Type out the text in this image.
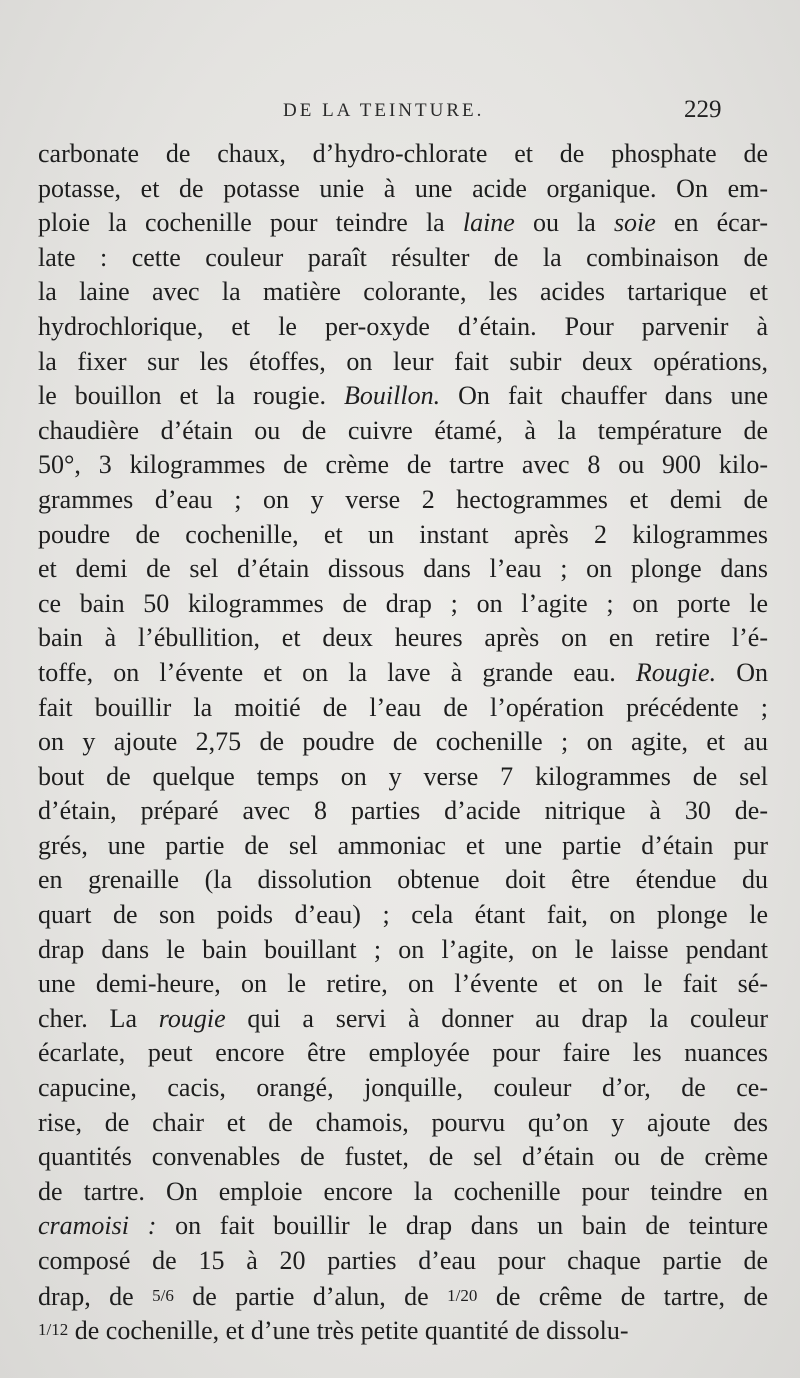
DE LA TEINTURE.	229
carbonate de chaux, d’hydro-chlorate et de phosphate de
potasse, et de potasse unie à une acide organique. On em-
ploie la cochenille pour teindre la laine ou la soie en écar-
late : cette couleur paraît résulter de la combinaison de
la laine avec la matière colorante, les acides tartarique et
hydrochlorique, et le per-oxyde d’étain. Pour parvenir à
la fixer sur les étoffes, on leur fait subir deux opérations,
le bouillon et la rougie. Bouillon. On fait chauffer dans une
chaudière d’étain ou de cuivre étamé, à la température de
50°, 3 kilogrammes de crème de tartre avec 8 ou 900 kilo-
grammes d’eau ; on y verse 2 hectogrammes et demi de
poudre de cochenille, et un instant après 2 kilogrammes
et demi de sel d’étain dissous dans l’eau ; on plonge dans
ce bain 50 kilogrammes de drap ; on l’agite ; on porte le
bain à l’ébullition, et deux heures après on en retire l’é-
toffe, on l’évente et on la lave à grande eau. Rougie. On
fait bouillir la moitié de l’eau de l’opération précédente ;
on y ajoute 2,75 de poudre de cochenille ; on agite, et au
bout de quelque temps on y verse 7 kilogrammes de sel
d’étain, préparé avec 8 parties d’acide nitrique à 30 de-
grés, une partie de sel ammoniac et une partie d’étain pur
en grenaille (la dissolution obtenue doit être étendue du
quart de son poids d’eau) ; cela étant fait, on plonge le
drap dans le bain bouillant ; on l’agite, on le laisse pendant
une demi-heure, on le retire, on l’évente et on le fait sé-
cher. La rougie qui a servi à donner au drap la couleur
écarlate, peut encore être employée pour faire les nuances
capucine, cacis, orangé, jonquille, couleur d’or, de ce-
rise, de chair et de chamois, pourvu qu’on y ajoute des
quantités convenables de fustet, de sel d’étain ou de crème
de tartre. On emploie encore la cochenille pour teindre en
cramoisi : on fait bouillir le drap dans un bain de teinture
composé de 15 à 20 parties d’eau pour chaque partie de
drap, de 5/6 de partie d’alun, de 1/20 de crême de tartre, de
1/12 de cochenille, et d’une très petite quantité de dissolu-
